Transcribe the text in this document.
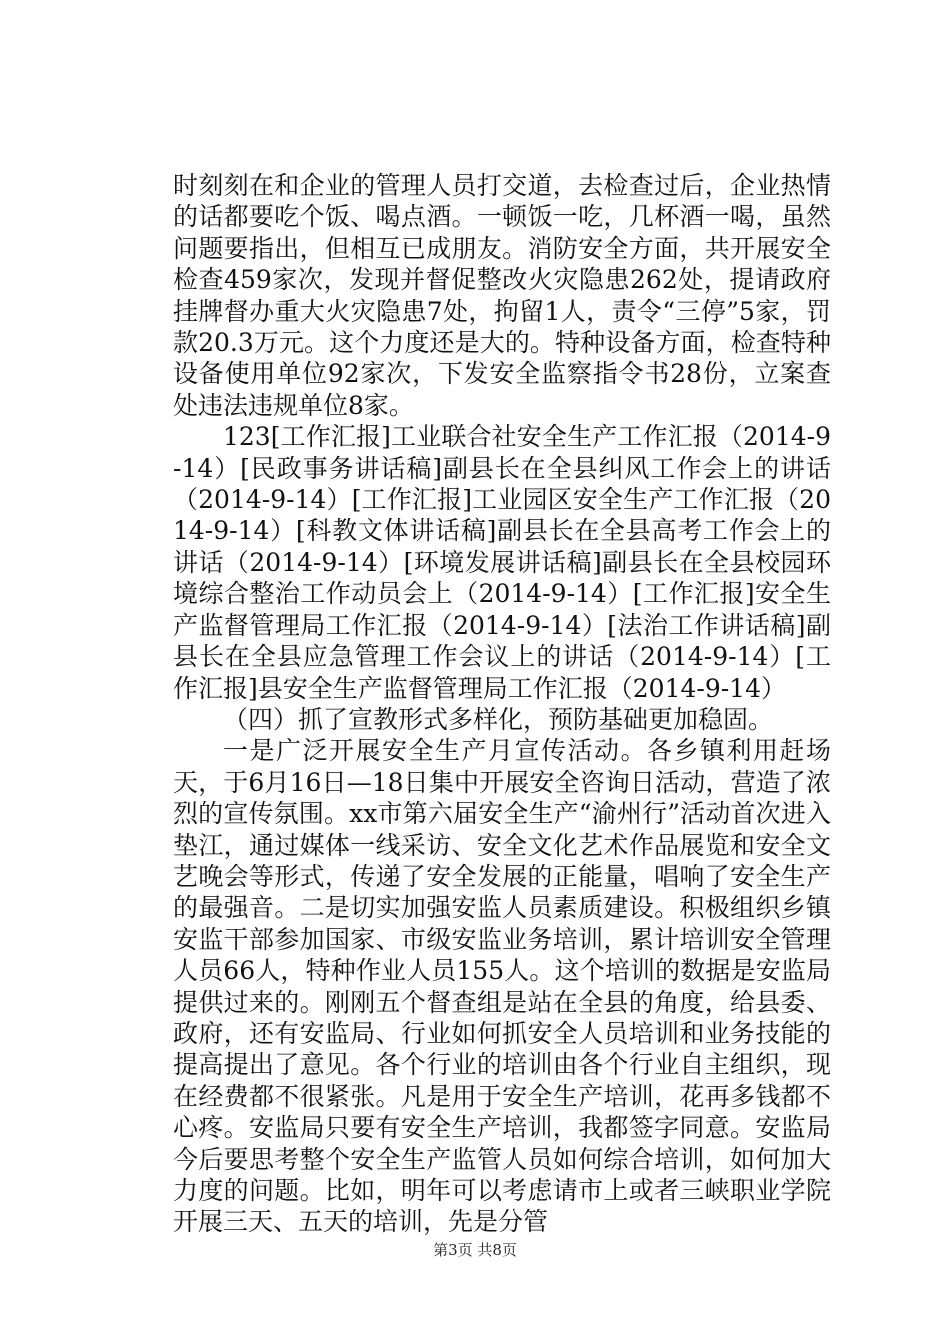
时刻刻在和企业的管理人员打交道，去检查过后，企业热情的话都要吃个饭、喝点酒。一顿饭一吃，几杯酒一喝，虽然问题要指出，但相互已成朋友。消防安全方面，共开展安全检查459家次，发现并督促整改火灾隐患262处，提请政府挂牌督办重大火灾隐患7处，拘留1人，责令“三停”5家，罚款20.3万元。这个力度还是大的。特种设备方面，检查特种设备使用单位92家次，下发安全监察指令书28份，立案查处违法违规单位8家。

123[工作汇报]工业联合社安全生产工作汇报（2014-9-14）[民政事务讲话稿]副县长在全县纠风工作会上的讲话（2014-9-14）[工作汇报]工业园区安全生产工作汇报（2014-9-14）[科教文体讲话稿]副县长在全县高考工作会上的讲话（2014-9-14）[环境发展讲话稿]副县长在全县校园环境综合整治工作动员会上（2014-9-14）[工作汇报]安全生产监督管理局工作汇报（2014-9-14）[法治工作讲话稿]副县长在全县应急管理工作会议上的讲话（2014-9-14）[工作汇报]县安全生产监督管理局工作汇报（2014-9-14）

（四）抓了宣教形式多样化，预防基础更加稳固。

一是广泛开展安全生产月宣传活动。各乡镇利用赶场天，于6月16日—18日集中开展安全咨询日活动，营造了浓烈的宣传氛围。xx市第六届安全生产“渝州行”活动首次进入垫江，通过媒体一线采访、安全文化艺术作品展览和安全文艺晚会等形式，传递了安全发展的正能量，唱响了安全生产的最强音。二是切实加强安监人员素质建设。积极组织乡镇安监干部参加国家、市级安监业务培训，累计培训安全管理人员66人，特种作业人员155人。这个培训的数据是安监局提供过来的。刚刚五个督查组是站在全县的角度，给县委、政府，还有安监局、行业如何抓安全人员培训和业务技能的提高提出了意见。各个行业的培训由各个行业自主组织，现在经费都不很紧张。凡是用于安全生产培训，花再多钱都不心疼。安监局只要有安全生产培训，我都签字同意。安监局今后要思考整个安全生产监管人员如何综合培训，如何加大力度的问题。比如，明年可以考虑请市上或者三峡职业学院开展三天、五天的培训，先是分管

第3页 共8页
